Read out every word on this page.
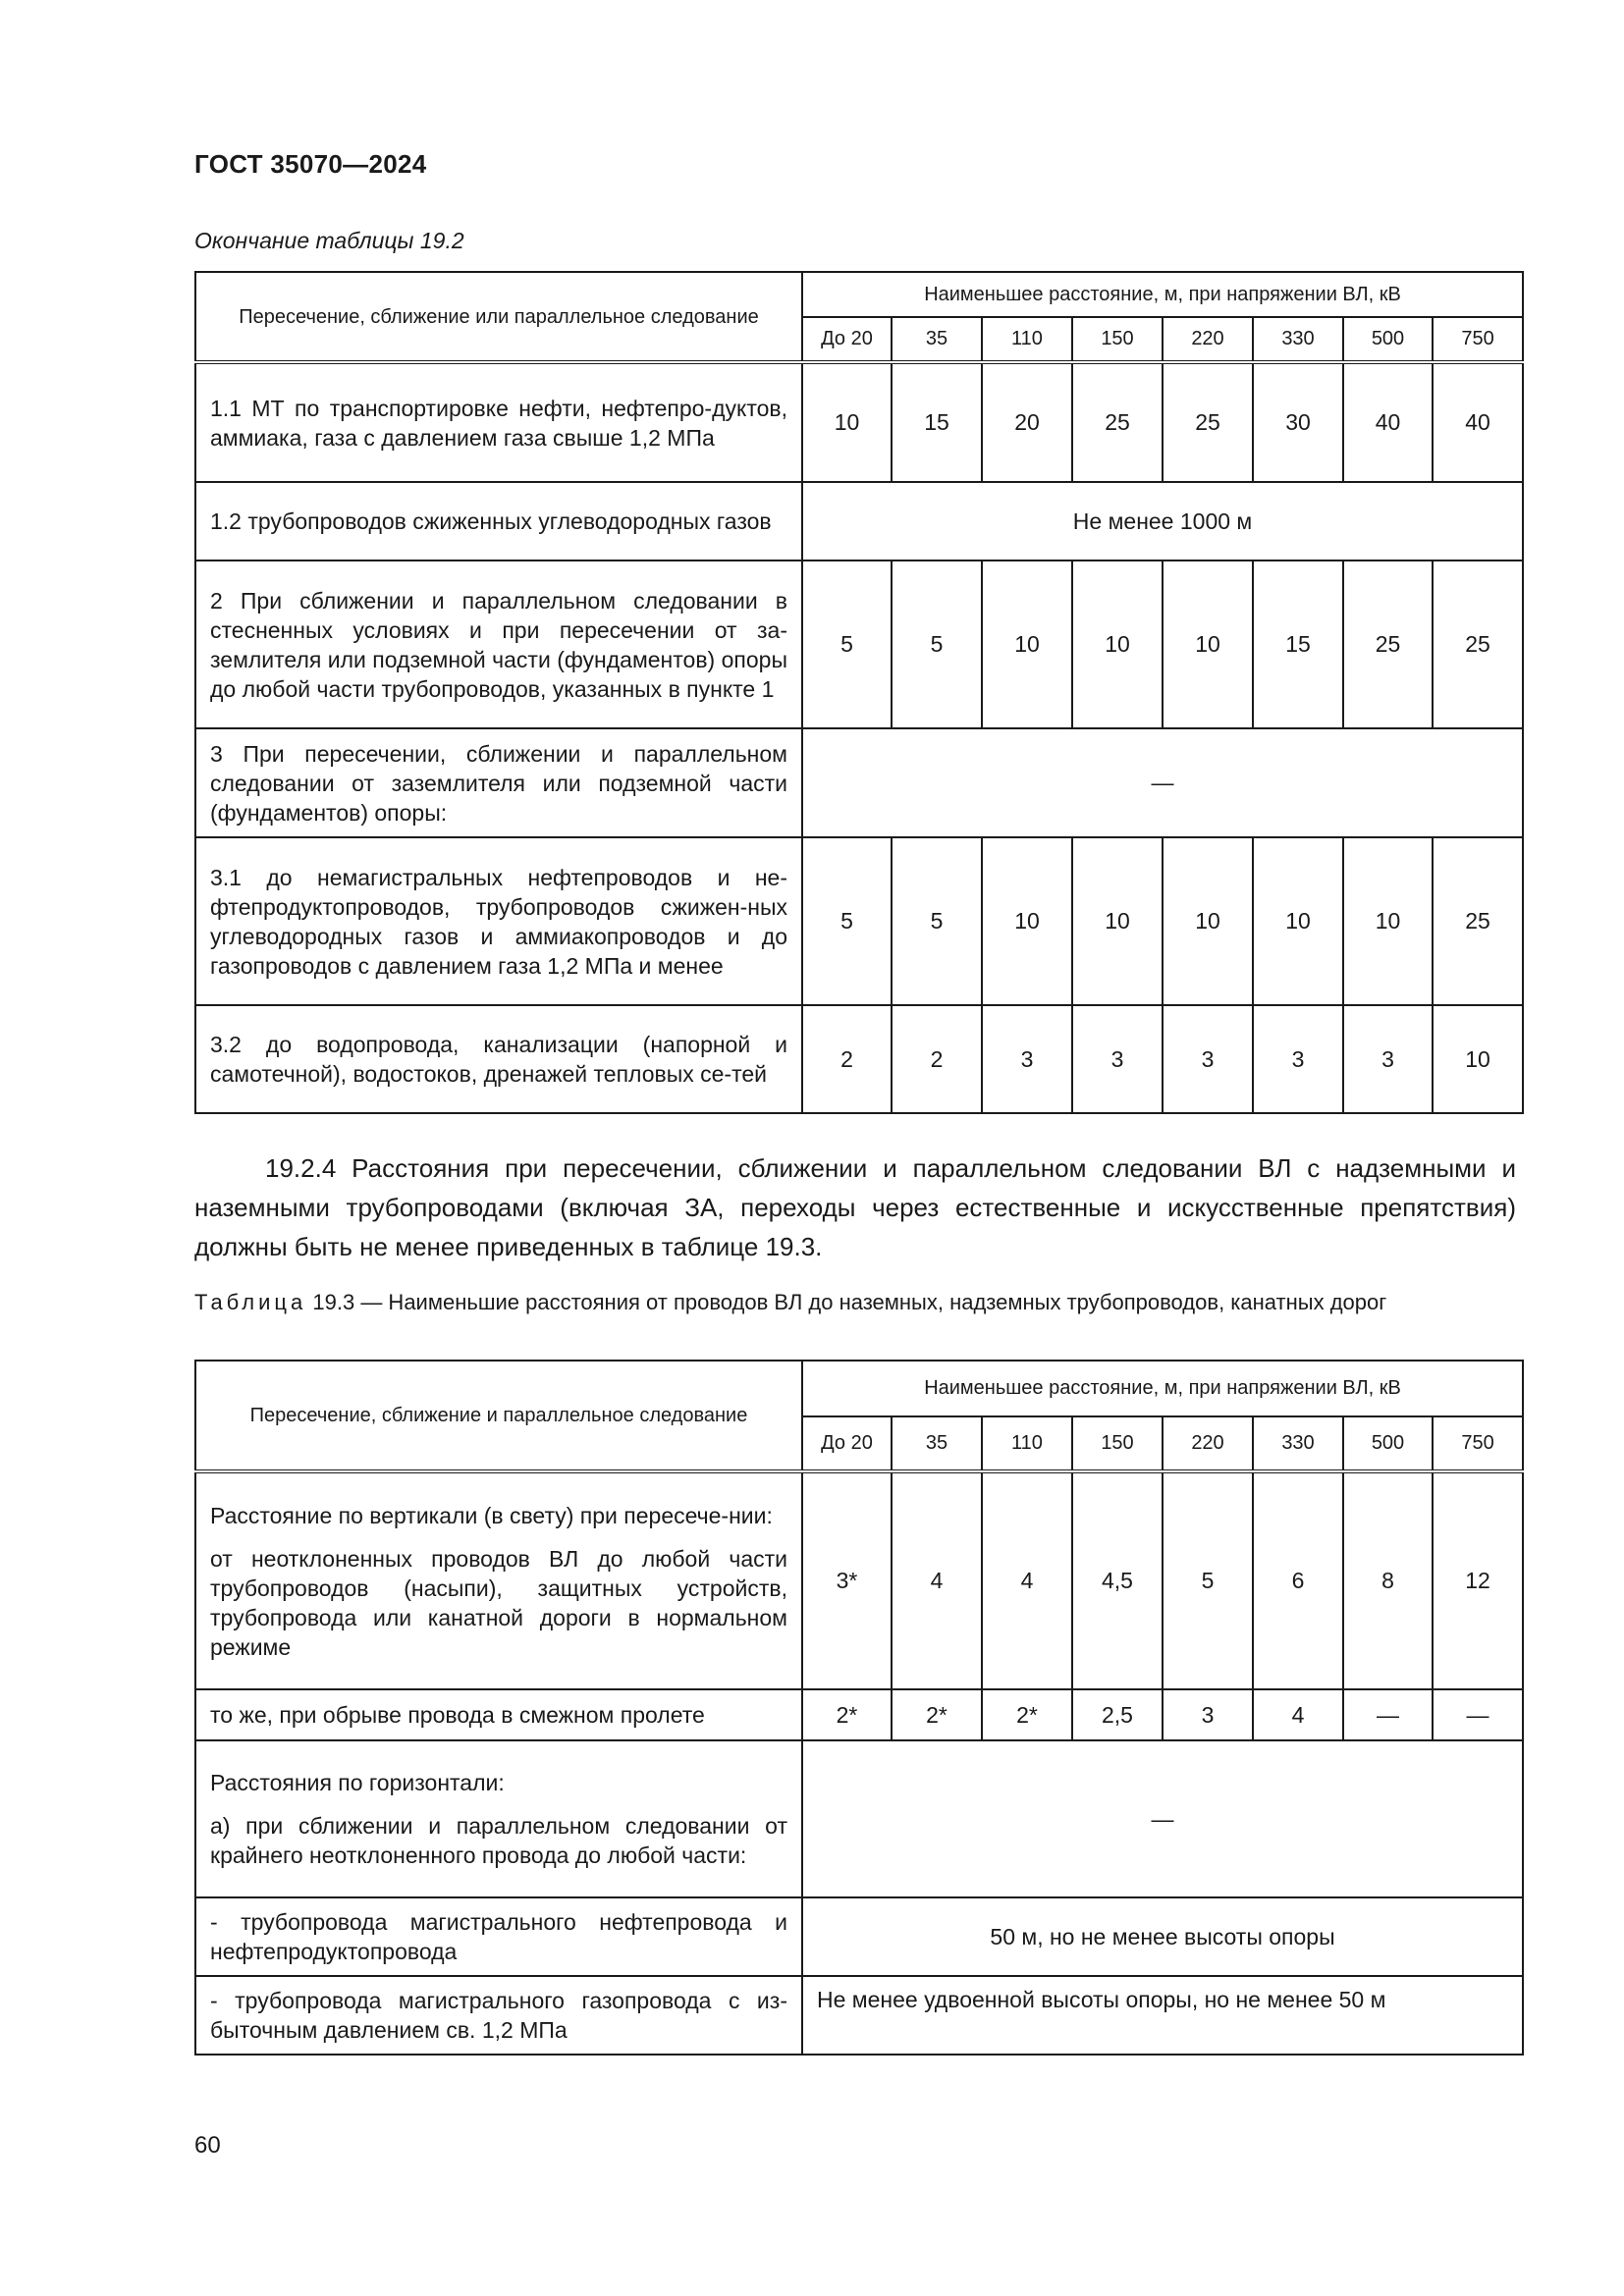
ГОСТ 35070—2024
Окончание таблицы 19.2
Пересечение, сближение или параллельное следование	Наименьшее расстояние, м, при напряжении ВЛ, кВ							
	До 20	35	110	150	220	330	500	750
1.1 МТ по транспортировке нефти, нефтепро-дуктов, аммиака, газа с давлением газа свыше 1,2 МПа	10	15	20	25	25	30	40	40
1.2 трубопроводов сжиженных углеводородных газов	Не менее 1000 м							
2 При сближении и параллельном следовании в стесненных условиях и при пересечении от за-землителя или подземной части (фундаментов) опоры до любой части трубопроводов, указанных в пункте 1	5	5	10	10	10	15	25	25
3 При пересечении, сближении и параллельном следовании от заземлителя или подземной части (фундаментов) опоры:	—							
3.1 до немагистральных нефтепроводов и не-фтепродуктопроводов, трубопроводов сжижен-ных углеводородных газов и аммиакопроводов и до газопроводов с давлением газа 1,2 МПа и менее	5	5	10	10	10	10	10	25
3.2 до водопровода, канализации (напорной и самотечной), водостоков, дренажей тепловых се-тей	2	2	3	3	3	3	3	10
19.2.4 Расстояния при пересечении, сближении и параллельном следовании ВЛ с надземными и наземными трубопроводами (включая ЗА, переходы через естественные и искусственные препятствия) должны быть не менее приведенных в таблице 19.3.
Таблица 19.3 — Наименьшие расстояния от проводов ВЛ до наземных, надземных трубопроводов, канатных дорог
Пересечение, сближение и параллельное следование	Наименьшее расстояние, м, при напряжении ВЛ, кВ							
	До 20	35	110	150	220	330	500	750

Расстояние по вертикали (в свету) при пересече-нии:

от неотклоненных проводов ВЛ до любой части трубопроводов (насыпи), защитных устройств, трубопровода или канатной дороги в нормальном режиме	3*	4	4	4,5	5	6	8	12
то же, при обрыве провода в смежном пролете	2*	2*	2*	2,5	3	4	—	—

Расстояния по горизонтали:

а) при сближении и параллельном следовании от крайнего неотклоненного провода до любой части:	—							
- трубопровода магистрального нефтепровода и нефтепродуктопровода	50 м, но не менее высоты опоры							
- трубопровода магистрального газопровода с из-быточным давлением св. 1,2 МПа	Не менее удвоенной высоты опоры, но не менее 50 м							
60
